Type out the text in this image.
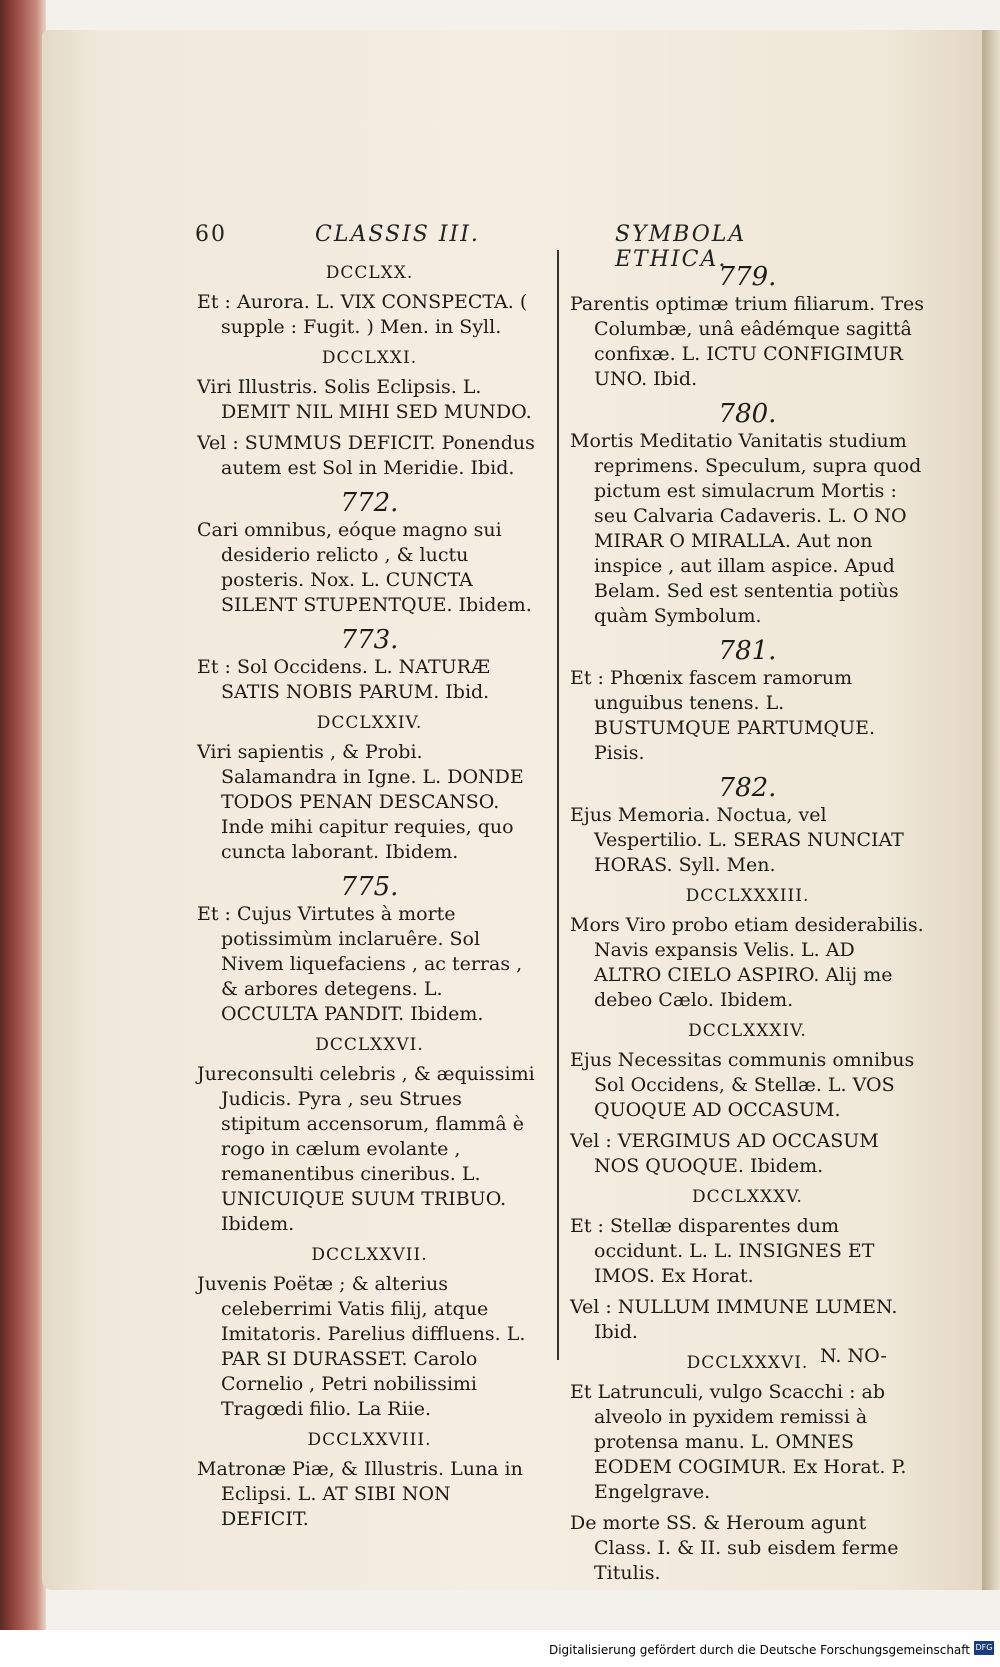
60	CLASSIS III.	SYMBOLA ETHICA.
DCCLXX.

Et : Aurora. L. VIX CONSPECTA. ( supple : Fugit. ) Men. in Syll.

DCCLXXI.

Viri Illustris. Solis Eclipsis. L. DEMIT NIL MIHI SED MUNDO.

Vel : SUMMUS DEFICIT. Ponendus autem est Sol in Meridie. Ibid.

772.

Cari omnibus, eóque magno sui desiderio relicto , & luctu posteris. Nox. L. CUNCTA SILENT STUPENTQUE. Ibidem.

773.

Et : Sol Occidens. L. NATURÆ SATIS NOBIS PARUM. Ibid.

DCCLXXIV.

Viri sapientis , & Probi. Salamandra in Igne. L. DONDE TODOS PENAN DESCANSO. Inde mihi capitur requies, quo cuncta laborant. Ibidem.

775.

Et : Cujus Virtutes à morte potissimùm inclaruêre. Sol Nivem liquefaciens , ac terras , & arbores detegens. L. OCCULTA PANDIT. Ibidem.

DCCLXXVI.

Jureconsulti celebris , & æquissimi Judicis. Pyra , seu Strues stipitum accensorum, flammâ è rogo in cælum evolante , remanentibus cineribus. L. UNICUIQUE SUUM TRIBUO. Ibidem.

DCCLXXVII.

Juvenis Poëtæ ; & alterius celeberrimi Vatis filij, atque Imitatoris. Parelius diffluens. L. PAR SI DURASSET. Carolo Cornelio , Petri nobilissimi Tragœdi filio. La Riie.

DCCLXXVIII.

Matronæ Piæ, & Illustris. Luna in Eclipsi. L. AT SIBI NON DEFICIT.

779.

Parentis optimæ trium filiarum. Tres Columbæ, unâ eâdémque sagittâ confixæ. L. ICTU CONFIGIMUR UNO. Ibid.

780.

Mortis Meditatio Vanitatis studium reprimens. Speculum, supra quod pictum est simulacrum Mortis : seu Calvaria Cadaveris. L. O NO MIRAR O MIRALLA. Aut non inspice , aut illam aspice. Apud Belam. Sed est sententia potiùs quàm Symbolum.

781.

Et : Phœnix fascem ramorum unguibus tenens. L. BUSTUMQUE PARTUMQUE. Pisis.

782.

Ejus Memoria. Noctua, vel Vespertilio. L. SERAS NUNCIAT HORAS. Syll. Men.

DCCLXXXIII.

Mors Viro probo etiam desiderabilis. Navis expansis Velis. L. AD ALTRO CIELO ASPIRO. Alij me debeo Cælo. Ibidem.

DCCLXXXIV.

Ejus Necessitas communis omnibus Sol Occidens, & Stellæ. L. VOS QUOQUE AD OCCASUM.

Vel : VERGIMUS AD OCCASUM NOS QUOQUE. Ibidem.

DCCLXXXV.

Et : Stellæ disparentes dum occidunt. L. L. INSIGNES ET IMOS. Ex Horat.

Vel : NULLUM IMMUNE LUMEN. Ibid.

DCCLXXXVI.

Et Latrunculi, vulgo Scacchi : ab alveolo in pyxidem remissi à protensa manu. L. OMNES EODEM COGIMUR. Ex Horat. P. Engelgrave.

De morte SS. & Heroum agunt Class. I. & II. sub eisdem ferme Titulis.

N. NO-
Digitalisierung gefördert durch die Deutsche Forschungsgemeinschaft DFG
